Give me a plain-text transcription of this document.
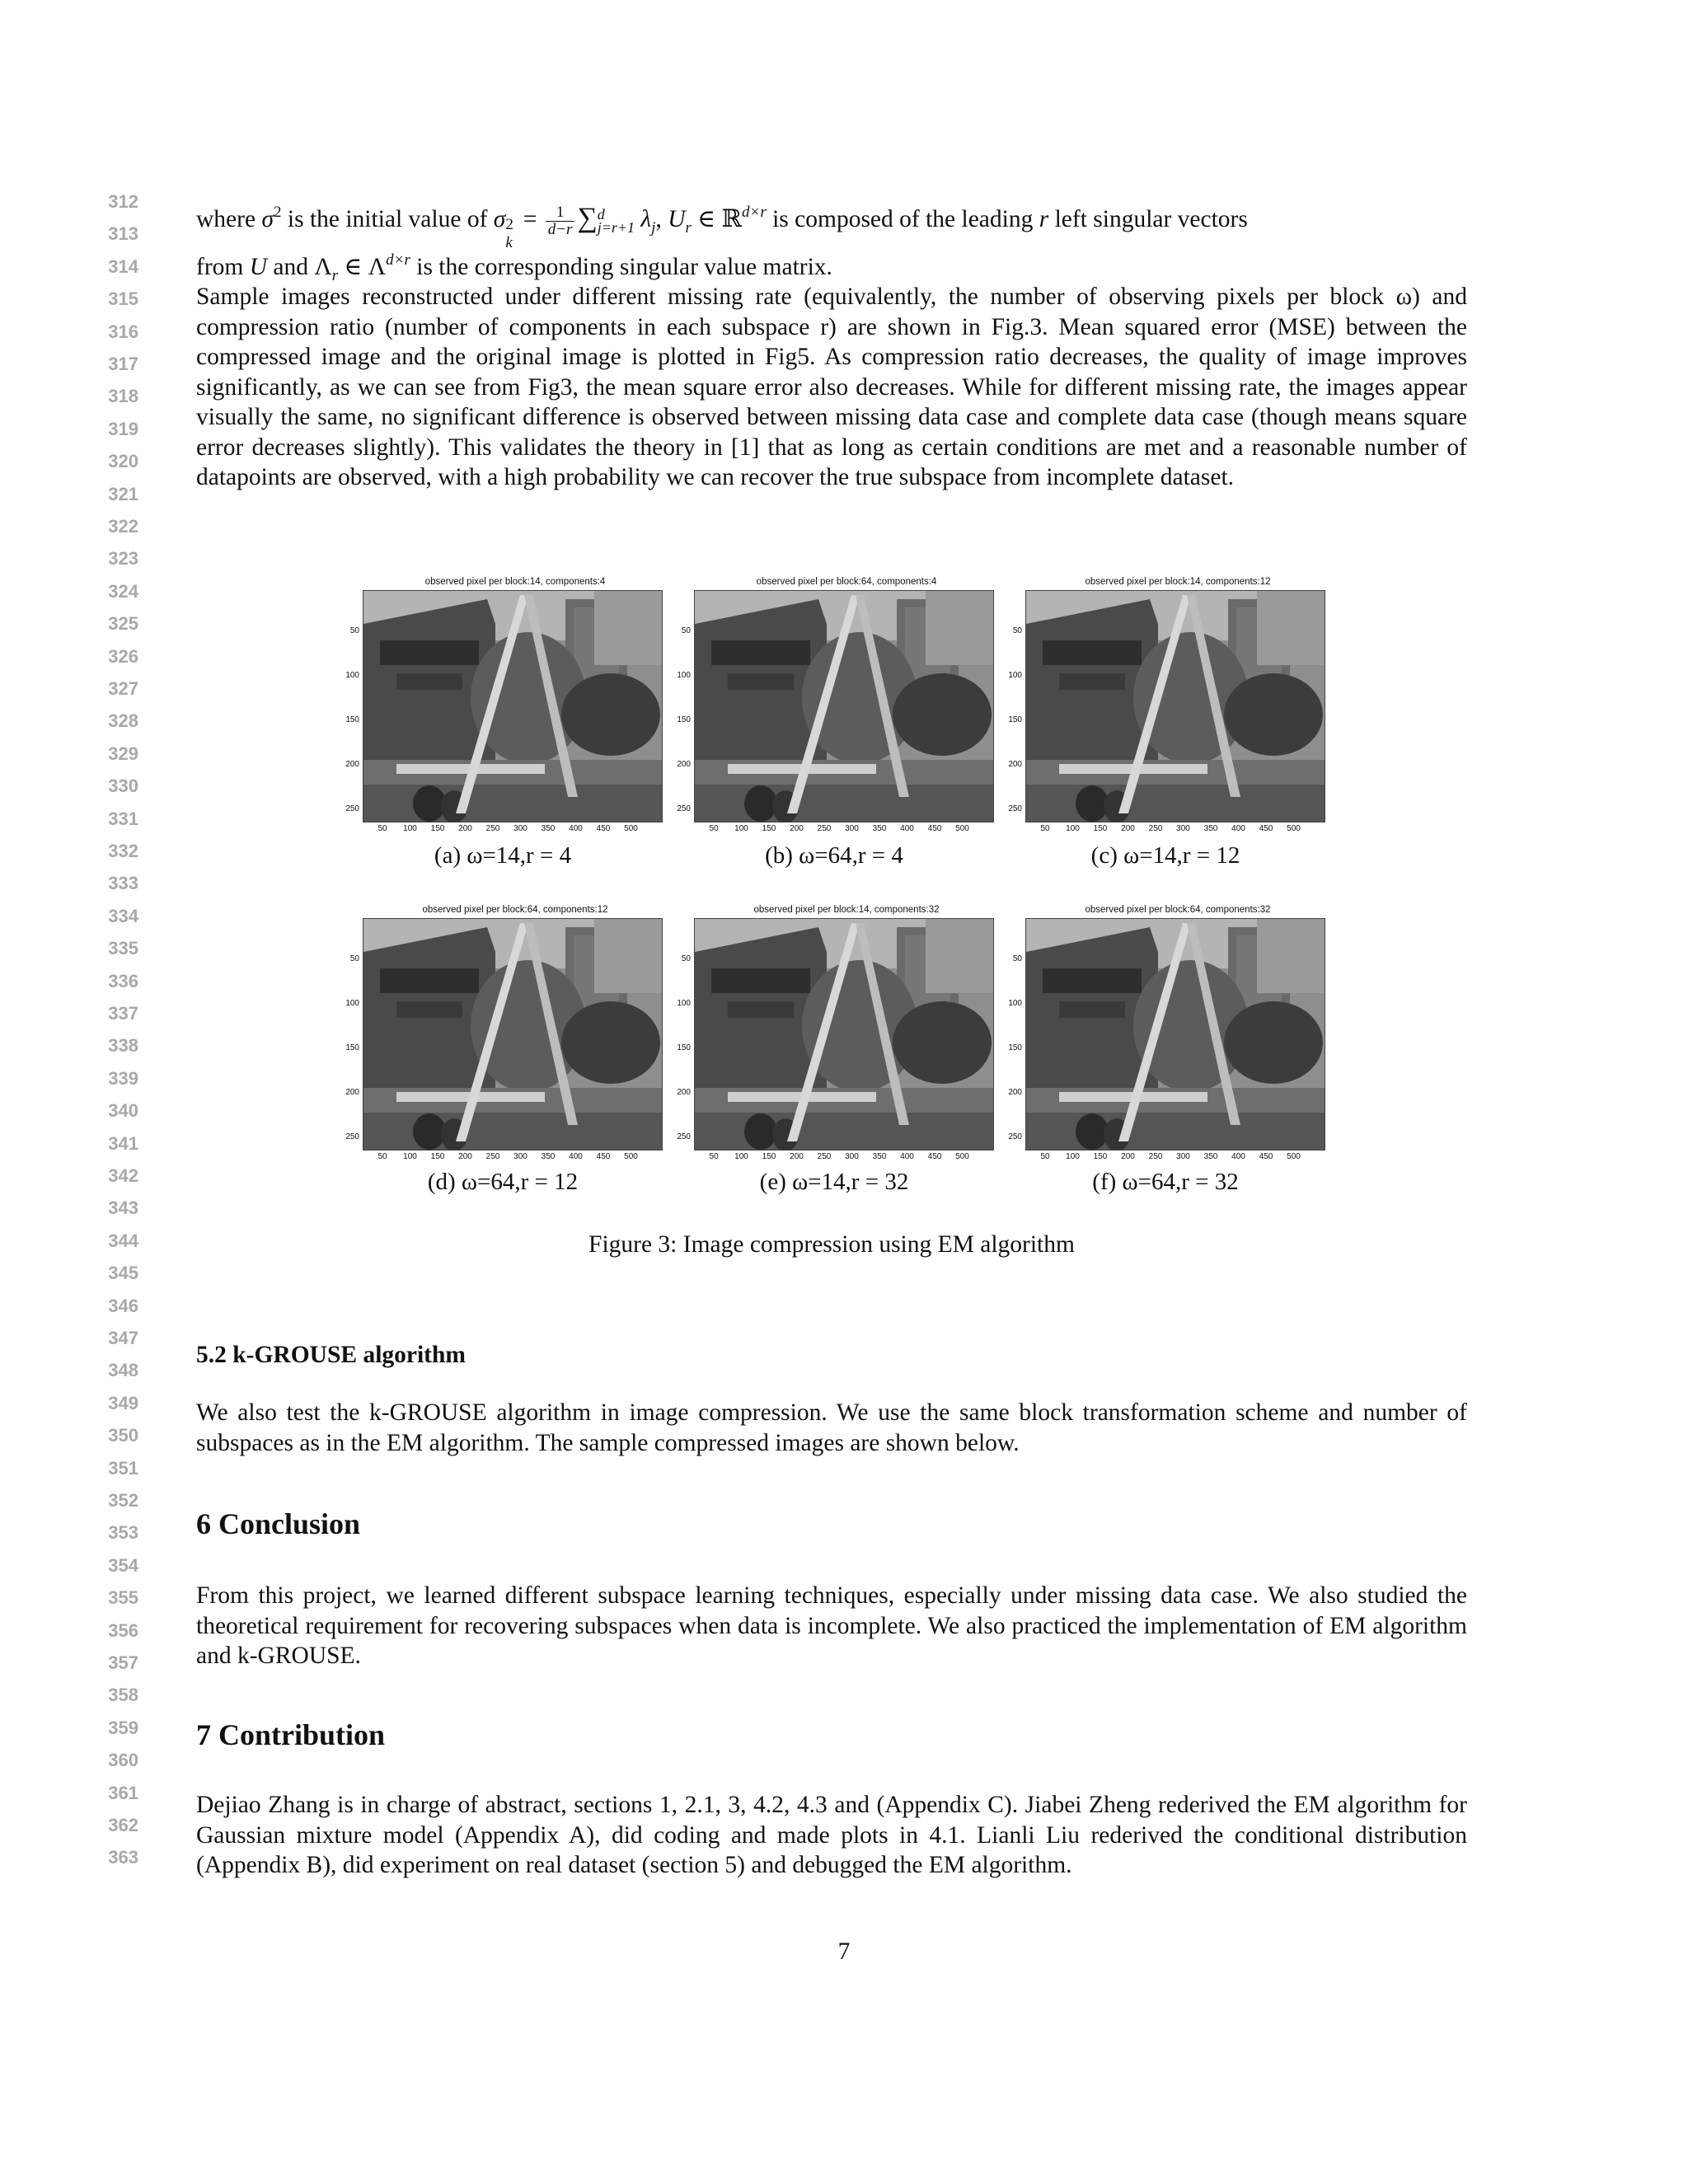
312
313
314
315
316
317
318
319
320
321
322
323
324
325
326
327
328
329
330
331
332
333
334
335
336
337
338
339
340
341
342
343
344
345
346
347
348
349
350
351
352
353
354
355
356
357
358
359
360
361
362
363
where $\sigma^2$ is the initial value of σ 2
k
= $\frac{1}{d-r}$ ∑ d
j=r+1 $\lambda_j$, $U_r$ ∈ ℝ$^{d\times r}$ is composed of the leading r left singular vectors
from U and $\Lambda_r$ ∈ $\Lambda^{d\times r}$ is the corresponding singular value matrix.
Sample images reconstructed under different missing rate (equivalently, the number of observing pixels per block ω) and compression ratio (number of components in each subspace r) are shown in Fig.3. Mean squared error (MSE) between the compressed image and the original image is plotted in Fig5. As compression ratio decreases, the quality of image improves significantly, as we can see from Fig3, the mean square error also decreases. While for different missing rate, the images appear visually the same, no significant difference is observed between missing data case and complete data case (though means square error decreases slightly). This validates the theory in [1] that as long as certain conditions are met and a reasonable number of datapoints are observed, with a high probability we can recover the true subspace from incomplete dataset.
observed pixel per block:14, components:4
50
100
150
200
250
50	100	150	200	250	300	350	400	450	500
(a) ω=14,r = 4
observed pixel per block:64, components:4
50
100
150
200
250
50	100	150	200	250	300	350	400	450	500
(b) ω=64,r = 4
observed pixel per block:14, components:12
50
100
150
200
250
50	100	150	200	250	300	350	400	450	500
(c) ω=14,r = 12
observed pixel per block:64, components:12
50
100
150
200
250
50	100	150	200	250	300	350	400	450	500
(d) ω=64,r = 12
observed pixel per block:14, components:32
50
100
150
200
250
50	100	150	200	250	300	350	400	450	500
(e) ω=14,r = 32
observed pixel per block:64, components:32
50
100
150
200
250
50	100	150	200	250	300	350	400	450	500
(f) ω=64,r = 32
Figure 3: Image compression using EM algorithm
5.2 k-GROUSE algorithm
We also test the k-GROUSE algorithm in image compression. We use the same block transformation scheme and number of subspaces as in the EM algorithm. The sample compressed images are shown below.
6 Conclusion
From this project, we learned different subspace learning techniques, especially under missing data case. We also studied the theoretical requirement for recovering subspaces when data is incomplete. We also practiced the implementation of EM algorithm and k-GROUSE.
7 Contribution
Dejiao Zhang is in charge of abstract, sections 1, 2.1, 3, 4.2, 4.3 and (Appendix C). Jiabei Zheng rederived the EM algorithm for Gaussian mixture model (Appendix A), did coding and made plots in 4.1. Lianli Liu rederived the conditional distribution (Appendix B), did experiment on real dataset (section 5) and debugged the EM algorithm.
7
